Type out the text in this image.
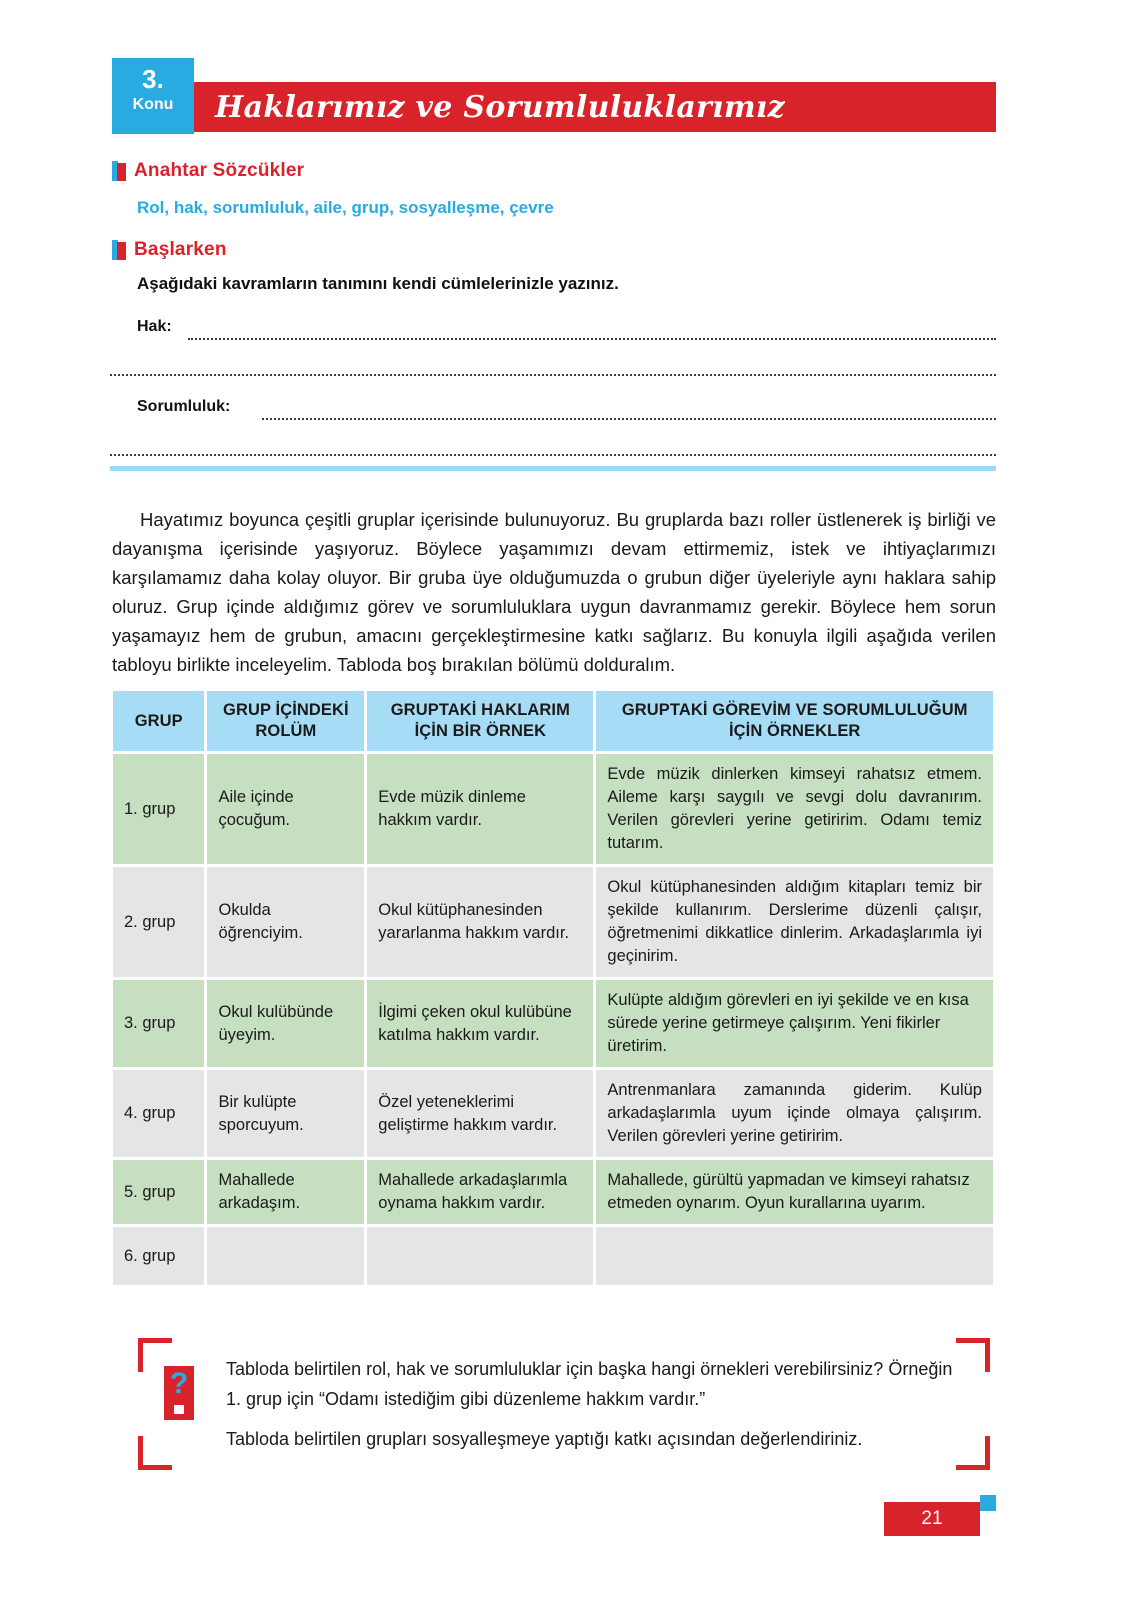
Haklarımız ve Sorumluluklarımız
3.
Konu
Anahtar Sözcükler
Rol, hak, sorumluluk, aile, grup, sosyalleşme, çevre
Başlarken
Aşağıdaki kavramların tanımını kendi cümlelerinizle yazınız.
Hak:
Sorumluluk:
Hayatımız boyunca çeşitli gruplar içerisinde bulunuyoruz. Bu gruplarda bazı roller üstlenerek iş birliği ve dayanışma içerisinde yaşıyoruz. Böylece yaşamımızı devam ettirmemiz, istek ve ihtiyaçlarımızı karşılamamız daha kolay oluyor. Bir gruba üye olduğumuzda o grubun diğer üyeleriyle aynı haklara sahip oluruz. Grup içinde aldığımız görev ve sorumluluklara uygun davranmamız gerekir. Böylece hem sorun yaşamayız hem de grubun, amacını gerçekleştirmesine katkı sağlarız. Bu konuyla ilgili aşağıda verilen tabloyu birlikte inceleyelim. Tabloda boş bırakılan bölümü dolduralım.
GRUP	GRUP İÇİNDEKİ ROLÜM	GRUPTAKİ HAKLARIM İÇİN BİR ÖRNEK	GRUPTAKİ GÖREVİM VE SORUMLULUĞUM İÇİN ÖRNEKLER
1. grup	Aile içinde çocuğum.	Evde müzik dinleme hakkım vardır.	Evde müzik dinlerken kimseyi rahatsız etmem. Aileme karşı saygılı ve sevgi dolu davranırım. Verilen görevleri yerine getiririm. Odamı temiz tutarım.
2. grup	Okulda öğrenciyim.	Okul kütüphanesinden yararlanma hakkım vardır.	Okul kütüphanesinden aldığım kitapları temiz bir şekilde kullanırım. Derslerime düzenli çalışır, öğretmenimi dikkatlice dinlerim. Arkadaşlarımla iyi geçinirim.
3. grup	Okul kulübünde üyeyim.	İlgimi çeken okul kulübüne katılma hakkım vardır.	Kulüpte aldığım görevleri en iyi şekilde ve en kısa sürede yerine getirmeye çalışırım. Yeni fikirler üretirim.
4. grup	Bir kulüpte sporcuyum.	Özel yeteneklerimi geliştirme hakkım vardır.	Antrenmanlara zamanında giderim. Kulüp arkadaşlarımla uyum içinde olmaya çalışırım. Verilen görevleri yerine getiririm.
5. grup	Mahallede arkadaşım.	Mahallede arkadaşlarımla oynama hakkım vardır.	Mahallede, gürültü yapmadan ve kimseyi rahatsız etmeden oynarım. Oyun kurallarına uyarım.
6. grup			
?	Tabloda belirtilen rol, hak ve sorumluluklar için başka hangi örnekleri verebilirsiniz? Örneğin 1. grup için “Odamı istediğim gibi düzenleme hakkım vardır.”

Tabloda belirtilen grupları sosyalleşmeye yaptığı katkı açısından değerlendiriniz.

21
